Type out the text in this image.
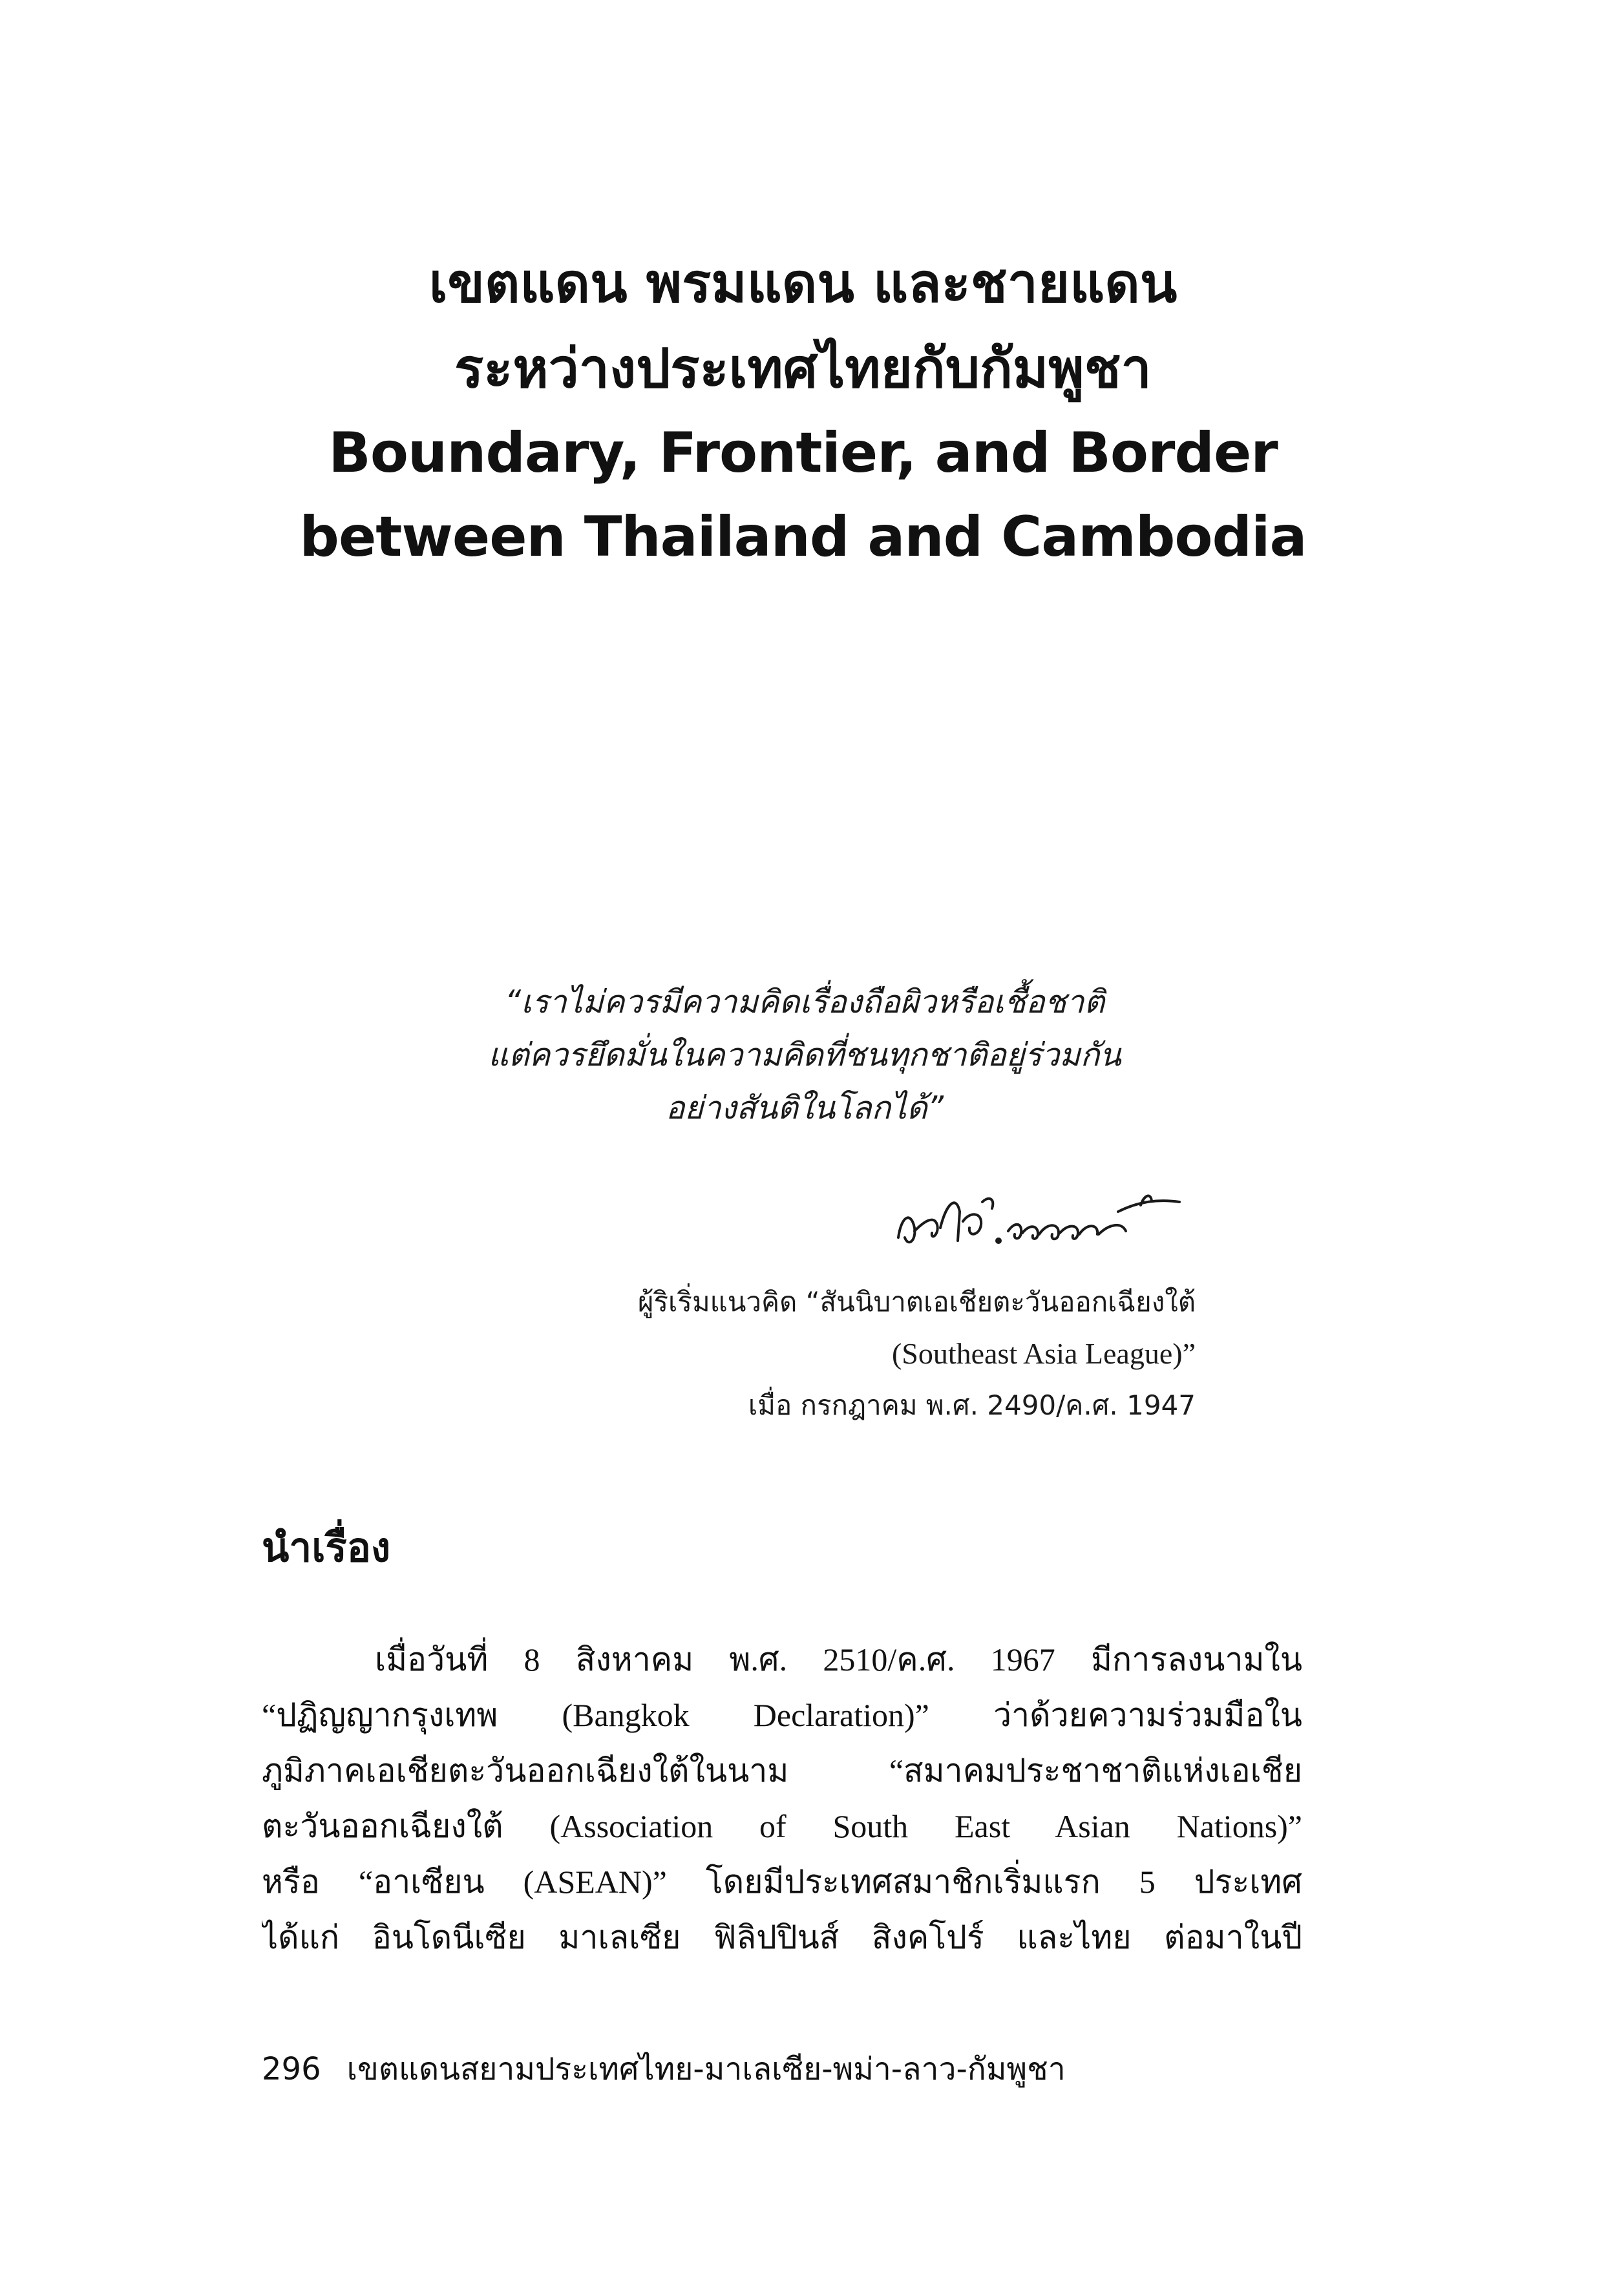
เขตแดน พรมแดน และชายแดน
ระหว่างประเทศไทยกับกัมพูชา
Boundary, Frontier, and Border
between Thailand and Cambodia
“เราไม่ควรมีความคิดเรื่องถือผิวหรือเชื้อชาติ
แต่ควรยึดมั่นในความคิดที่ชนทุกชาติอยู่ร่วมกัน
อย่างสันติในโลกได้”
ผู้ริเริ่มแนวคิด “สันนิบาตเอเชียตะวันออกเฉียงใต้
(Southeast Asia League)”
เมื่อ กรกฎาคม พ.ศ. 2490/ค.ศ. 1947
นำเรื่อง
เมื่อวันที่ 8 สิงหาคม พ.ศ. 2510/ค.ศ. 1967 มีการลงนามใน
“ปฏิญญากรุงเทพ (Bangkok Declaration)” ว่าด้วยความร่วมมือใน
ภูมิภาคเอเชียตะวันออกเฉียงใต้ในนาม “สมาคมประชาชาติแห่งเอเชีย
ตะวันออกเฉียงใต้ (Association of South East Asian Nations)”
หรือ “อาเซียน (ASEAN)” โดยมีประเทศสมาชิกเริ่มแรก 5 ประเทศ
ได้แก่ อินโดนีเซีย มาเลเซีย ฟิลิปปินส์ สิงคโปร์ และไทย ต่อมาในปี
296 เขตแดนสยามประเทศไทย-มาเลเซีย-พม่า-ลาว-กัมพูชา
